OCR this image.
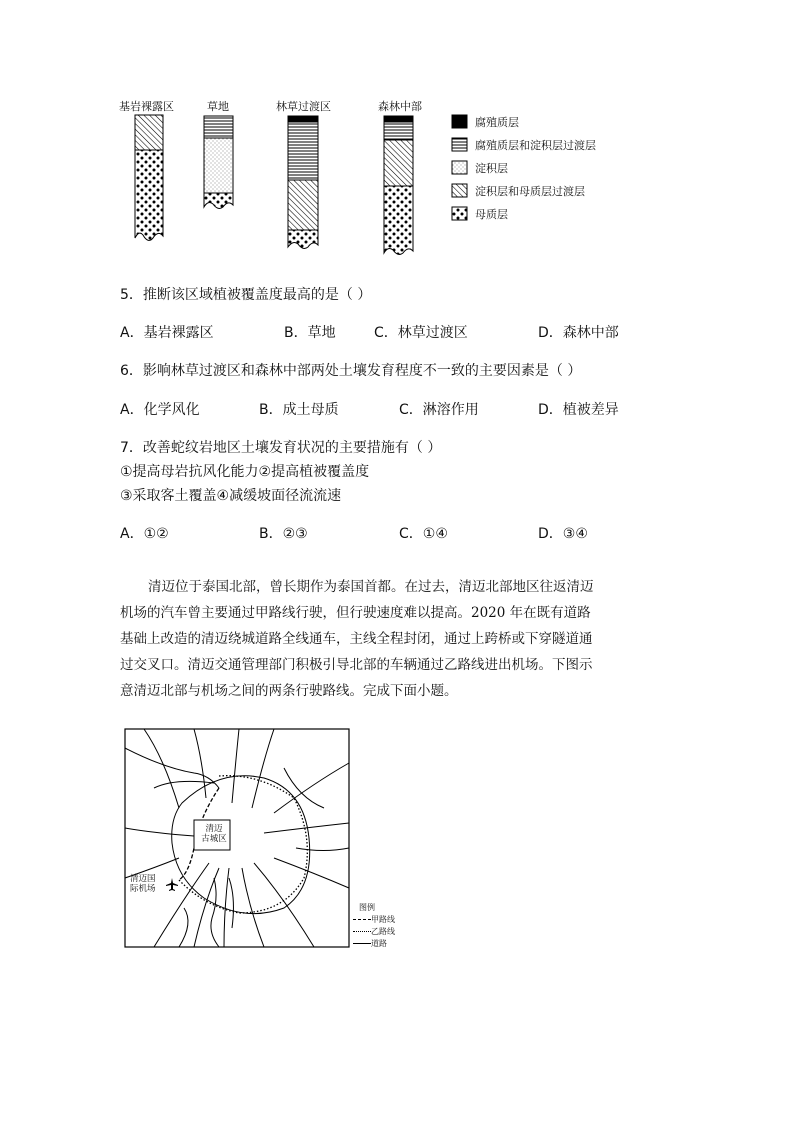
基岩裸露区	草地	林草过渡区	森林中部
腐殖质层
腐殖质层和淀积层过渡层
淀积层
淀积层和母质层过渡层
母质层
5．推断该区域植被覆盖度最高的是（ ）
A．基岩裸露区	B．草地	C．林草过渡区	D．森林中部
6．影响林草过渡区和森林中部两处土壤发育程度不一致的主要因素是（ ）
A．化学风化	B．成土母质	C．淋溶作用	D．植被差异
7．改善蛇纹岩地区土壤发育状况的主要措施有（ ）
①提高母岩抗风化能力②提高植被覆盖度
③采取客土覆盖④减缓坡面径流流速
A．①②	B．②③	C．①④	D．③④

清迈位于泰国北部，曾长期作为泰国首都。在过去，清迈北部地区往返清迈

机场的汽车曾主要通过甲路线行驶，但行驶速度难以提高。2020 年在既有道路

基础上改造的清迈绕城道路全线通车，主线全程封闭，通过上跨桥或下穿隧道通

过交叉口。清迈交通管理部门积极引导北部的车辆通过乙路线进出机场。下图示

意清迈北部与机场之间的两条行驶路线。完成下面小题。

清迈
古城区
清迈国
际机场
图例
甲路线
乙路线
道路
